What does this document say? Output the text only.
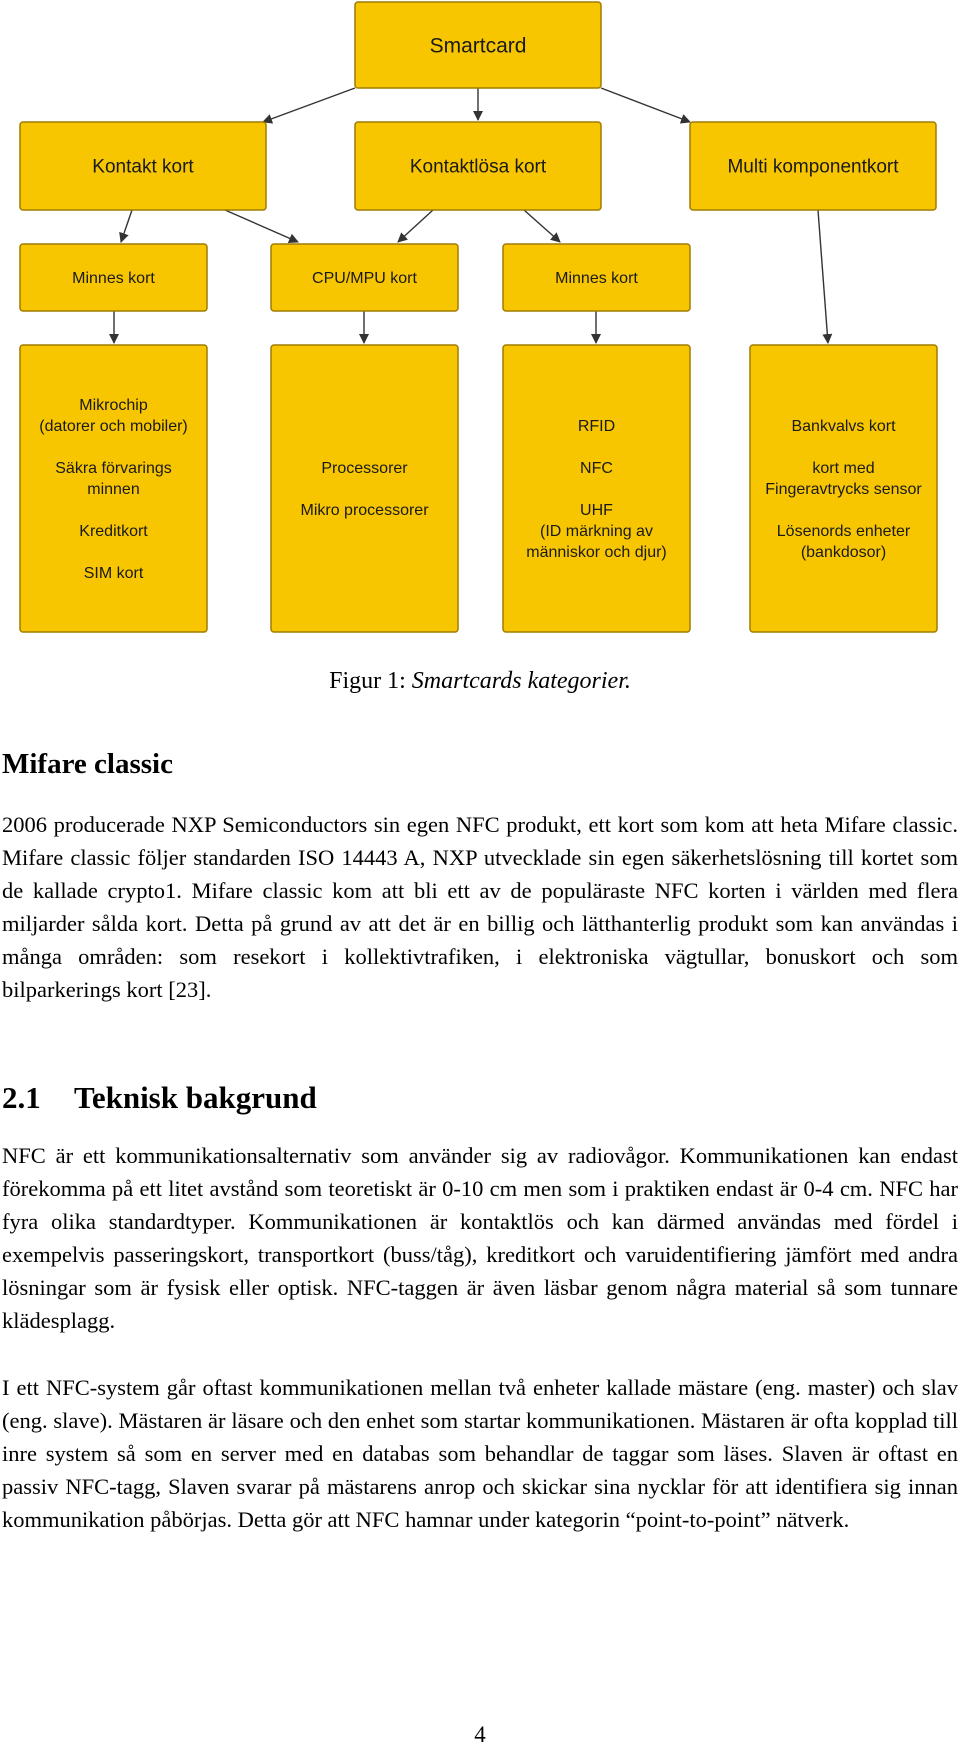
Smartcard
Kontakt kort	Kontaktlösa kort	Multi komponentkort
Minnes kort	CPU/MPU kort	Minnes kort
Mikrochip (datorer och mobiler) Säkra förvarings minnen Kreditkort SIM kort
Processorer Mikro processorer
RFID NFC UHF (ID märkning av människor och djur)
Bankvalvs kort kort med Fingeravtrycks sensor Lösenords enheter (bankdosor)
Figur 1: Smartcards kategorier.
Mifare classic

2006 producerade NXP Semiconductors sin egen NFC produkt, ett kort som kom att heta Mifare classic. Mifare classic följer standarden ISO 14443 A, NXP utvecklade sin egen säkerhetslösning till kortet som de kallade crypto1. Mifare classic kom att bli ett av de populäraste NFC korten i världen med flera miljarder sålda kort. Detta på grund av att det är en billig och lätthanterlig produkt som kan användas i många områden: som resekort i kollektivtrafiken, i elektroniska vägtullar, bonuskort och som bilparkerings kort [23].

2.1 Teknisk bakgrund

NFC är ett kommunikationsalternativ som använder sig av radiovågor. Kommunikationen kan endast förekomma på ett litet avstånd som teoretiskt är 0-10 cm men som i praktiken endast är 0-4 cm. NFC har fyra olika standardtyper. Kommunikationen är kontaktlös och kan därmed användas med fördel i exempelvis passeringskort, transportkort (buss/tåg), kreditkort och varuidentifiering jämfört med andra lösningar som är fysisk eller optisk. NFC-taggen är även läsbar genom några material så som tunnare klädesplagg.

I ett NFC-system går oftast kommunikationen mellan två enheter kallade mästare (eng. master) och slav (eng. slave). Mästaren är läsare och den enhet som startar kommunikationen. Mästaren är ofta kopplad till inre system så som en server med en databas som behandlar de taggar som läses. Slaven är oftast en passiv NFC-tagg, Slaven svarar på mästarens anrop och skickar sina nycklar för att identifiera sig innan kommunikation påbörjas. Detta gör att NFC hamnar under kategorin “point-to-point” nätverk.

4
